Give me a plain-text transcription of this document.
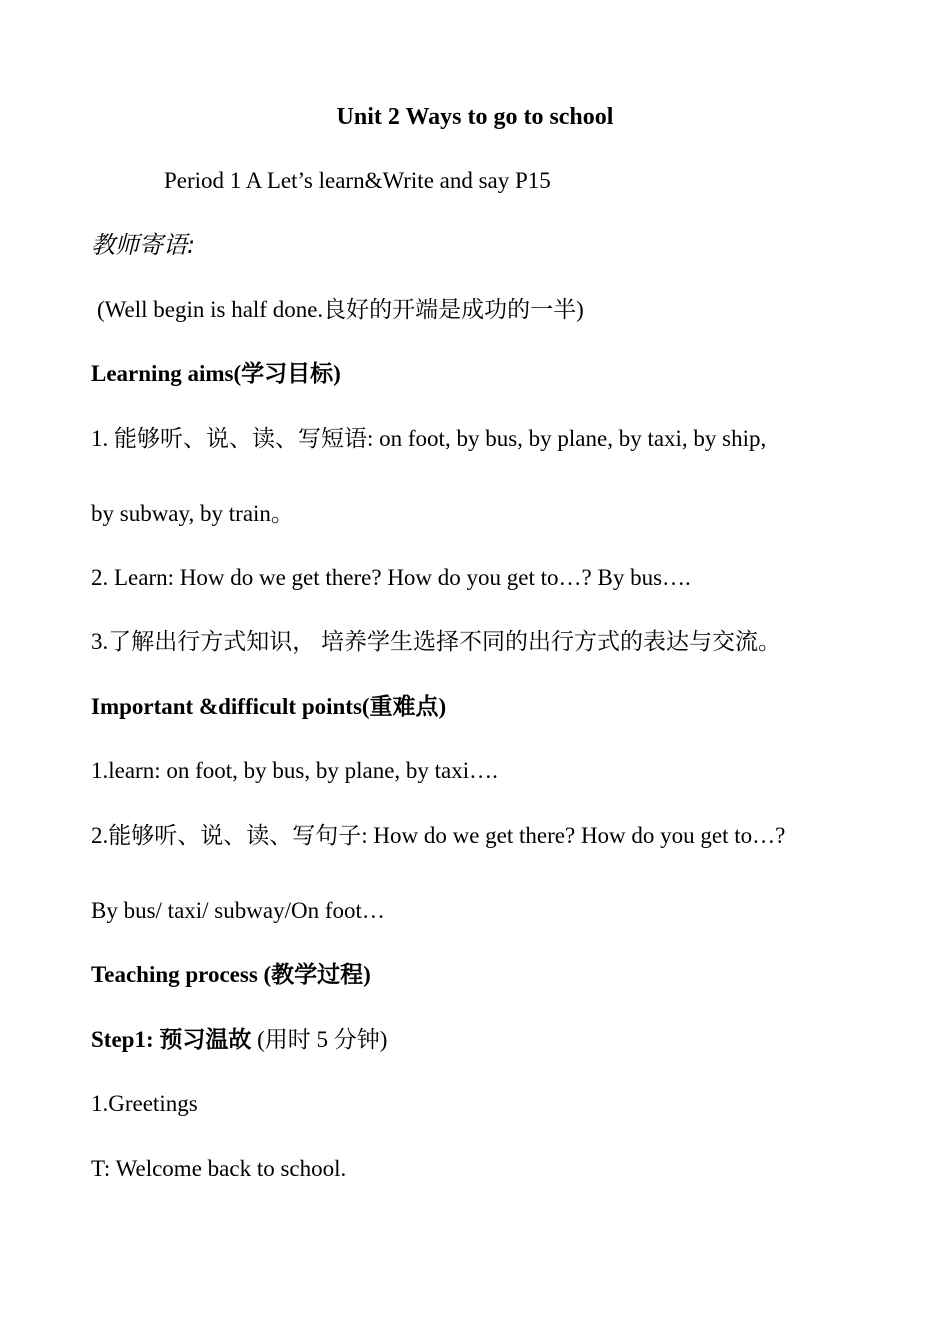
Unit 2 Ways to go to school
Period 1 A Let’s learn&Write and say P15
教师寄语:
(Well begin is half done.良好的开端是成功的一半)
Learning aims(学习目标)
1. 能够听、说、读、写短语: on foot, by bus, by plane, by taxi, by ship,
by subway, by train。
2. Learn: How do we get there? How do you get to…? By bus….
3.了解出行方式知识， 培养学生选择不同的出行方式的表达与交流。
Important &difficult points(重难点)
1.learn: on foot, by bus, by plane, by taxi….
2.能够听、说、读、写句子: How do we get there? How do you get to…?
By bus/ taxi/ subway/On foot…
Teaching process (教学过程)
Step1: 预习温故 (用时 5 分钟)
1.Greetings
T: Welcome back to school.
